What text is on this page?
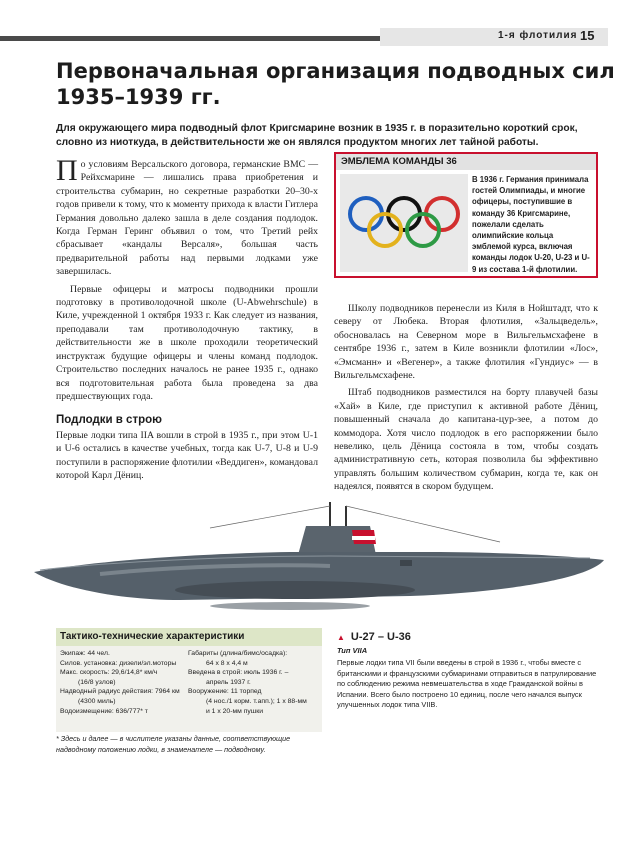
1-я флотилия 15
Первоначальная организация подводных сил 1935–1939 гг.

Для окружающего мира подводный флот Кригсмарине возник в 1935 г. в поразительно короткий срок, словно из ниоткуда, в действительности же он являлся продуктом многих лет тайной работы.

По условиям Версальского договора, германские ВМС — Рейхсмарине — лишались права приобретения и строительства субмарин, но секретные разработки 20–30-х годов привели к тому, что к моменту прихода к власти Гитлера Германия довольно далеко зашла в деле создания подлодок. Когда Герман Геринг объявил о том, что Третий рейх сбрасывает «кандалы Версаля», большая часть предварительной работы над первыми лодками уже завершилась.

Первые офицеры и матросы подводники прошли подготовку в противолодочной школе (U-Abwehrschule) в Киле, учрежденной 1 октября 1933 г. Как следует из названия, преподавали там противолодочную тактику, в действительности же в школе проходили теоретический инструктаж будущие офицеры и члены команд подлодок. Строительство последних началось не ранее 1935 г., однако вся подготовительная работа была проведена за два предшествующих года.

Подлодки в строю

Первые лодки типа IIA вошли в строй в 1935 г., при этом U-1 и U-6 остались в качестве учебных, тогда как U-7, U-8 и U-9 поступили в распоряжение флотилии «Веддиген», командовал которой Карл Дёниц.

ЭМБЛЕМА КОМАНДЫ 36

В 1936 г. Германия принимала гостей Олимпиады, и многие офицеры, поступившие в команду 36 Кригсмарине, пожелали сделать олимпийские кольца эмблемой курса, включая команды лодок U-20, U-23 и U-9 из состава 1-й флотилии.

Школу подводников перенесли из Киля в Нойштадт, что к северу от Любека. Вторая флотилия, «Зальцведель», обосновалась на Северном море в Вильгельмсхафене в сентябре 1936 г., затем в Киле возникли флотилии «Лос», «Эмсманн» и «Вегенер», а также флотилия «Гундиус» — в Вильгельмсхафене.

Штаб подводников разместился на борту плавучей базы «Хай» в Киле, где приступил к активной работе Дёниц, повышенный сначала до капитана-цур-зее, а потом до коммодора. Хотя число подлодок в его распоряжении было невелико, цель Дёница состояла в том, чтобы создать административную сеть, которая позволила бы эффективно управлять большим количеством субмарин, когда те, как он надеялся, появятся в скором будущем.

Тактико-технические характеристики
Экипаж: 44 чел.
Силов. установка: дизели/эл.моторы
Макс. скорость: 29,6/14,8* км/ч
(16/8 узлов)
Надводный радиус действия: 7964 км
(4300 миль)
Водоизмещение: 636/777* т
Габариты (длина/бимс/осадка):
64 х 8 х 4,4 м
Введена в строй: июль 1936 г. –
апрель 1937 г.
Вооружение: 11 торпед
(4 нос./1 корм. т.апп.); 1 х 88-мм
и 1 х 20-мм пушки

* Здесь и далее — в числителе указаны данные, соответствующие надводному положению лодки, в знаменателе — подводному.

▲ U-27 – U-36

Тип VIIA

Первые лодки типа VII были введены в строй в 1936 г., чтобы вместе с британскими и французскими субмаринами отправиться в патрулирование по соблюдению режима невмешательства в ходе Гражданской войны в Испании. Всего было построено 10 единиц, после чего начался выпуск улучшенных лодок типа VIIB.
